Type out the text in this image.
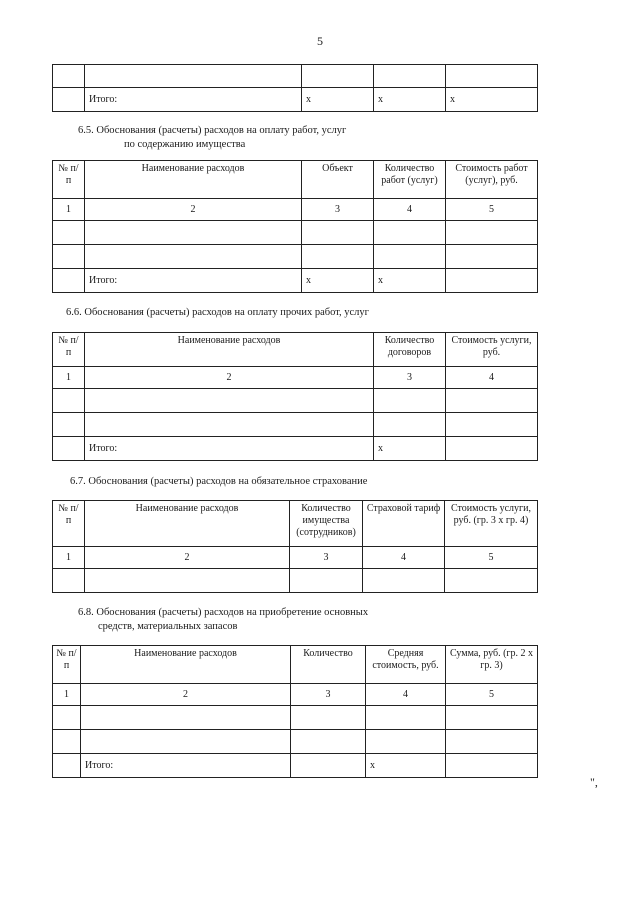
5

	Итого:	x	x	x
6.5. Обоснования (расчеты) расходов на оплату работ, услуг
по содержанию имущества
№ п/п	Наименование расходов	Объект	Количество работ (услуг)	Стоимость работ (услуг), руб.
1	2	3	4	5

	Итого:	x	x	
6.6. Обоснования (расчеты) расходов на оплату прочих работ, услуг
№ п/п	Наименование расходов	Количество договоров	Стоимость услуги, руб.
1	2	3	4

	Итого:	x	
6.7. Обоснования (расчеты) расходов на обязательное страхование
№ п/п	Наименование расходов	Количество имущества (сотрудников)	Страховой тариф	Стоимость услуги, руб. (гр. 3 х гр. 4)
1	2	3	4	5

6.8. Обоснования (расчеты) расходов на приобретение основных
средств, материальных запасов
№ п/п	Наименование расходов	Количество	Средняя стоимость, руб.	Сумма, руб. (гр. 2 х гр. 3)
1	2	3	4	5

	Итого:		x	
",
